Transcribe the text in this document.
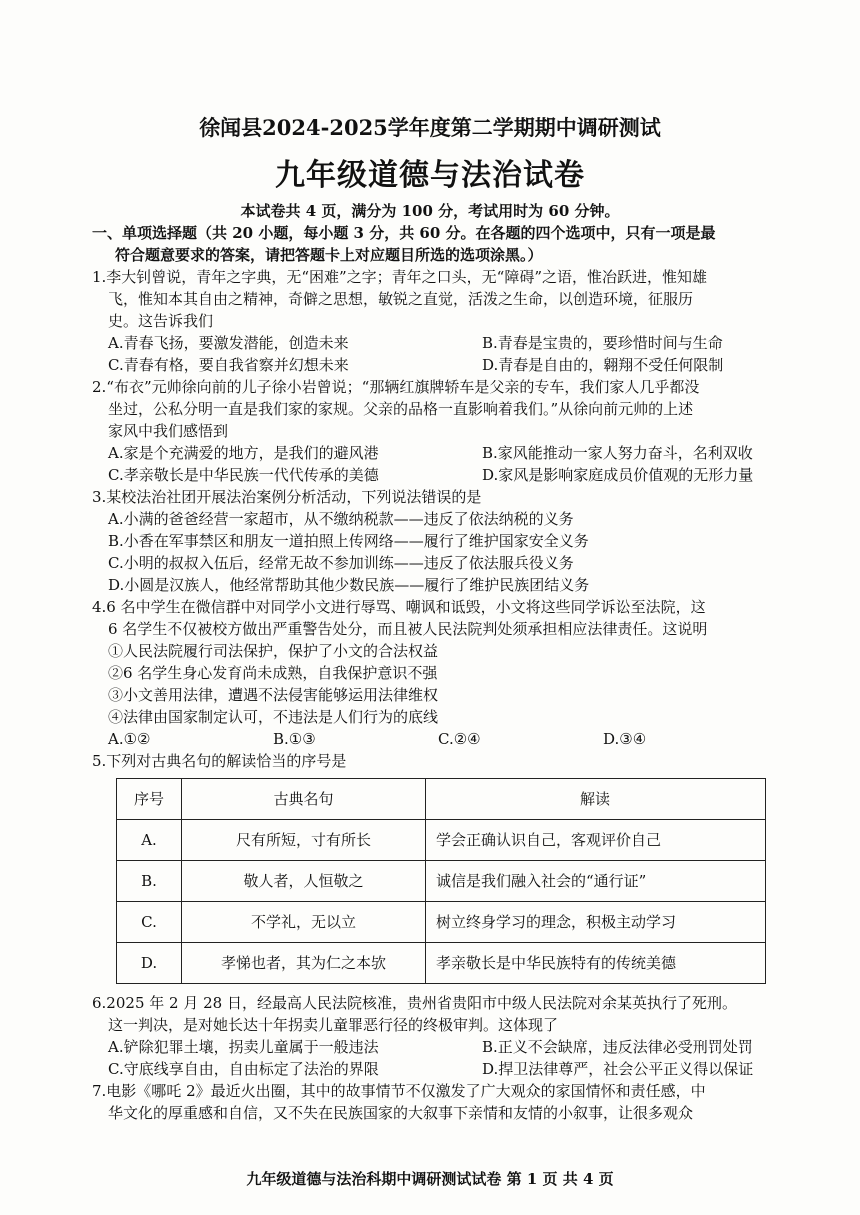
徐闻县2024-2025学年度第二学期期中调研测试
九年级道德与法治试卷
本试卷共 4 页，满分为 100 分，考试用时为 60 分钟。
一、单项选择题（共 20 小题，每小题 3 分，共 60 分。在各题的四个选项中，只有一项是最
符合题意要求的答案，请把答题卡上对应题目所选的选项涂黑。）
1.李大钊曾说，青年之字典，无“困难”之字；青年之口头，无“障碍”之语，惟冶跃进，惟知雄
飞，惟知本其自由之精神，奇僻之思想，敏锐之直觉，活泼之生命，以创造环境，征服历
史。这告诉我们
A.青春飞扬，要激发潜能，创造未来	B.青春是宝贵的，要珍惜时间与生命
C.青春有格，要自我省察并幻想未来	D.青春是自由的，翱翔不受任何限制
2.“布衣”元帅徐向前的儿子徐小岩曾说；“那辆红旗牌轿车是父亲的专车，我们家人几乎都没
坐过，公私分明一直是我们家的家规。父亲的品格一直影响着我们。”从徐向前元帅的上述
家风中我们感悟到
A.家是个充满爱的地方，是我们的避风港	B.家风能推动一家人努力奋斗，名利双收
C.孝亲敬长是中华民族一代代传承的美德	D.家风是影响家庭成员价值观的无形力量
3.某校法治社团开展法治案例分析活动，下列说法错误的是
A.小满的爸爸经营一家超市，从不缴纳税款——违反了依法纳税的义务
B.小香在军事禁区和朋友一道拍照上传网络——履行了维护国家安全义务
C.小明的叔叔入伍后，经常无故不参加训练——违反了依法服兵役义务
D.小圆是汉族人，他经常帮助其他少数民族——履行了维护民族团结义务
4.6 名中学生在微信群中对同学小文进行辱骂、嘲讽和诋毁，小文将这些同学诉讼至法院，这
6 名学生不仅被校方做出严重警告处分，而且被人民法院判处须承担相应法律责任。这说明
①人民法院履行司法保护，保护了小文的合法权益
②6 名学生身心发育尚未成熟，自我保护意识不强
③小文善用法律，遭遇不法侵害能够运用法律维权
④法律由国家制定认可，不违法是人们行为的底线
A.①②	B.①③	C.②④	D.③④
5.下列对古典名句的解读恰当的序号是
序号	古典名句	解读
A.	尺有所短，寸有所长	学会正确认识自己，客观评价自己
B.	敬人者，人恒敬之	诚信是我们融入社会的“通行证”
C.	不学礼，无以立	树立终身学习的理念，积极主动学习
D.	孝悌也者，其为仁之本欤	孝亲敬长是中华民族特有的传统美德
6.2025 年 2 月 28 日，经最高人民法院核准，贵州省贵阳市中级人民法院对余某英执行了死刑。
这一判决，是对她长达十年拐卖儿童罪恶行径的终极审判。这体现了
A.铲除犯罪土壤，拐卖儿童属于一般违法	B.正义不会缺席，违反法律必受刑罚处罚
C.守底线享自由，自由标定了法治的界限	D.捍卫法律尊严，社会公平正义得以保证
7.电影《哪吒 2》最近火出圈，其中的故事情节不仅激发了广大观众的家国情怀和责任感，中
华文化的厚重感和自信，又不失在民族国家的大叙事下亲情和友情的小叙事，让很多观众
九年级道德与法治科期中调研测试试卷 第 1 页 共 4 页
